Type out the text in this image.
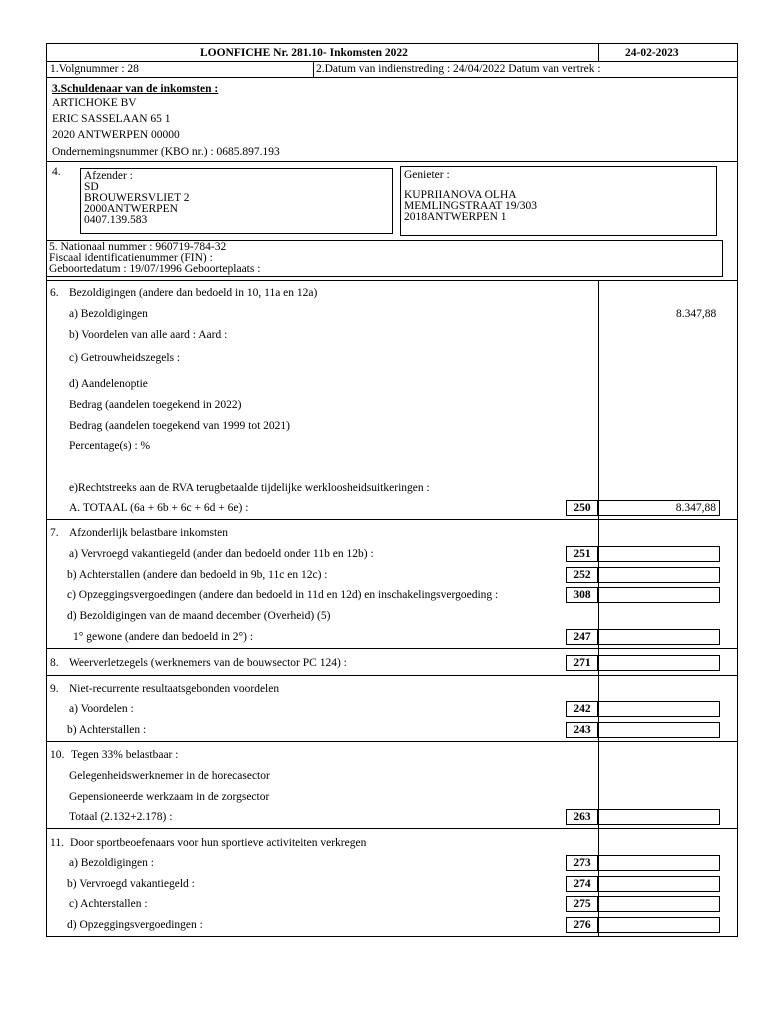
LOONFICHE Nr. 281.10- Inkomsten 2022	24-02-2023
1.Volgnummer : 28	2.Datum van indienstreding : 24/04/2022 Datum van vertrek :
3.Schuldenaar van de inkomsten :
ARTICHOKE BV
ERIC SASSELAAN 65 1
2020 ANTWERPEN 00000
Ondernemingsnummer (KBO nr.) : 0685.897.193
4. Afzender :
SD
BROUWERSVLIET 2
2000ANTWERPEN
0407.139.583
Genieter :
KUPRIIANOVA OLHA
MEMLINGSTRAAT 19/303
2018ANTWERPEN 1
5. Nationaal nummer : 960719-784-32
Fiscaal identificatienummer (FIN) :
Geboortedatum : 19/07/1996 Geboorteplaats :
6. Bezoldigingen (andere dan bedoeld in 10, 11a en 12a)
a) Bezoldigingen	8.347,88
b) Voordelen van alle aard : Aard :
c) Getrouwheidszegels :
d) Aandelenoptie
Bedrag (aandelen toegekend in 2022)
Bedrag (aandelen toegekend van 1999 tot 2021)
Percentage(s) : %
e)Rechtstreeks aan de RVA terugbetaalde tijdelijke werkloosheidsuitkeringen :
A. TOTAAL (6a + 6b + 6c + 6d + 6e) :	250	8.347,88
7. Afzonderlijk belastbare inkomsten
a) Vervroegd vakantiegeld (ander dan bedoeld onder 11b en 12b) :	251
b) Achterstallen (andere dan bedoeld in 9b, 11c en 12c) :	252
c) Opzeggingsvergoedingen (andere dan bedoeld in 11d en 12d) en inschakelingsvergoeding :	308
d) Bezoldigingen van de maand december (Overheid) (5)
1° gewone (andere dan bedoeld in 2°) :	247
8. Weerverletzegels (werknemers van de bouwsector PC 124) :	271
9. Niet-recurrente resultaatsgebonden voordelen
a) Voordelen :	242
b) Achterstallen :	243
10. Tegen 33% belastbaar :
Gelegenheidswerknemer in de horecasector
Gepensioneerde werkzaam in de zorgsector
Totaal (2.132+2.178) :	263
11. Door sportbeoefenaars voor hun sportieve activiteiten verkregen
a) Bezoldigingen :	273
b) Vervroegd vakantiegeld :	274
c) Achterstallen :	275
d) Opzeggingsvergoedingen :	276
